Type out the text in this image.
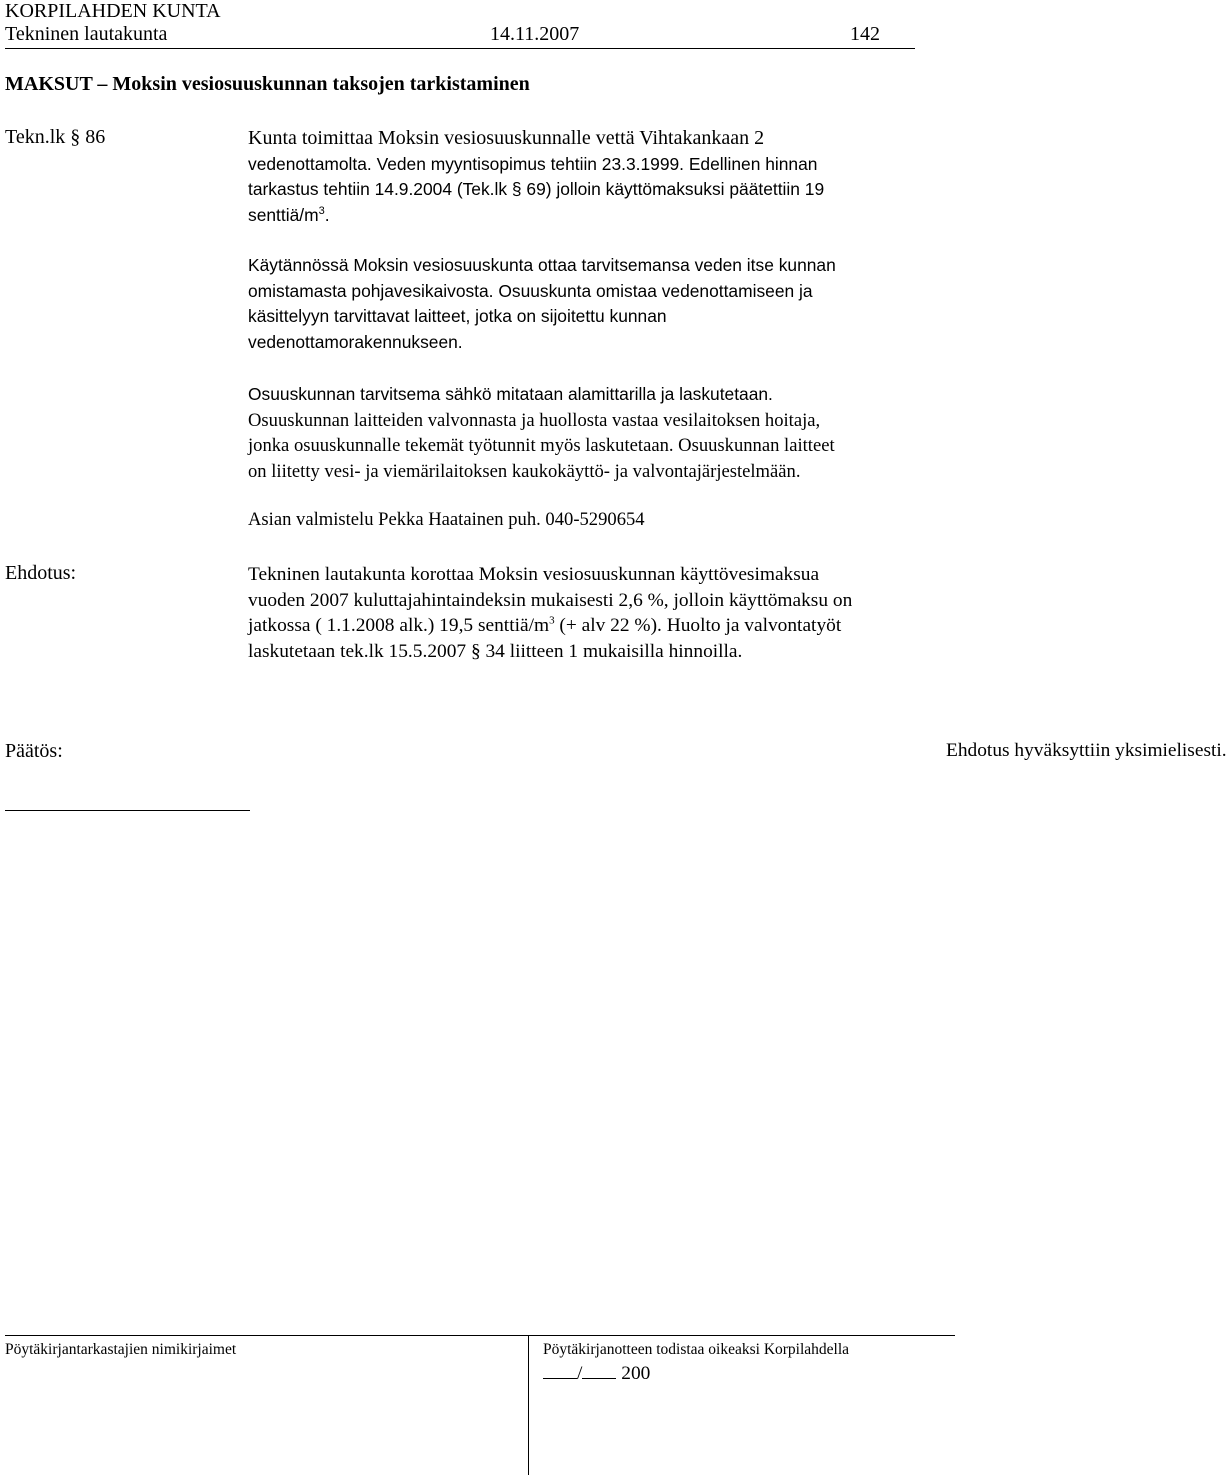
KORPILAHDEN KUNTA
Tekninen lautakunta	14.11.2007	142
MAKSUT – Moksin vesiosuuskunnan taksojen tarkistaminen
Tekn.lk § 86	Kunta toimittaa Moksin vesiosuuskunnalle vettä Vihtakankaan 2
vedenottamolta. Veden myyntisopimus tehtiin 23.3.1999. Edellinen hinnan
tarkastus tehtiin 14.9.2004 (Tek.lk § 69) jolloin käyttömaksuksi päätettiin 19
senttiä/$m^3$.
Käytännössä Moksin vesiosuuskunta ottaa tarvitsemansa veden itse kunnan
omistamasta pohjavesikaivosta. Osuuskunta omistaa vedenottamiseen ja
käsittelyyn tarvittavat laitteet, jotka on sijoitettu kunnan
vedenottamorakennukseen.
Osuuskunnan tarvitsema sähkö mitataan alamittarilla ja laskutetaan.
Osuuskunnan laitteiden valvonnasta ja huollosta vastaa vesilaitoksen hoitaja,
jonka osuuskunnalle tekemät työtunnit myös laskutetaan. Osuuskunnan laitteet
on liitetty vesi- ja viemärilaitoksen kaukokäyttö- ja valvontajärjestelmään.
Asian valmistelu Pekka Haatainen puh. 040-5290654
Ehdotus:	Tekninen lautakunta korottaa Moksin vesiosuuskunnan käyttövesimaksua
vuoden 2007 kuluttajahintaindeksin mukaisesti 2,6 %, jolloin käyttömaksu on
jatkossa ( 1.1.2008 alk.) 19,5 senttiä/$m^3$ (+ alv 22 %). Huolto ja valvontatyöt
laskutetaan tek.lk 15.5.2007 § 34 liitteen 1 mukaisilla hinnoilla.
Päätös:	Ehdotus hyväksyttiin yksimielisesti.
Pöytäkirjantarkastajien nimikirjaimet	Pöytäkirjanotteen todistaa oikeaksi Korpilahdella
/ 200
